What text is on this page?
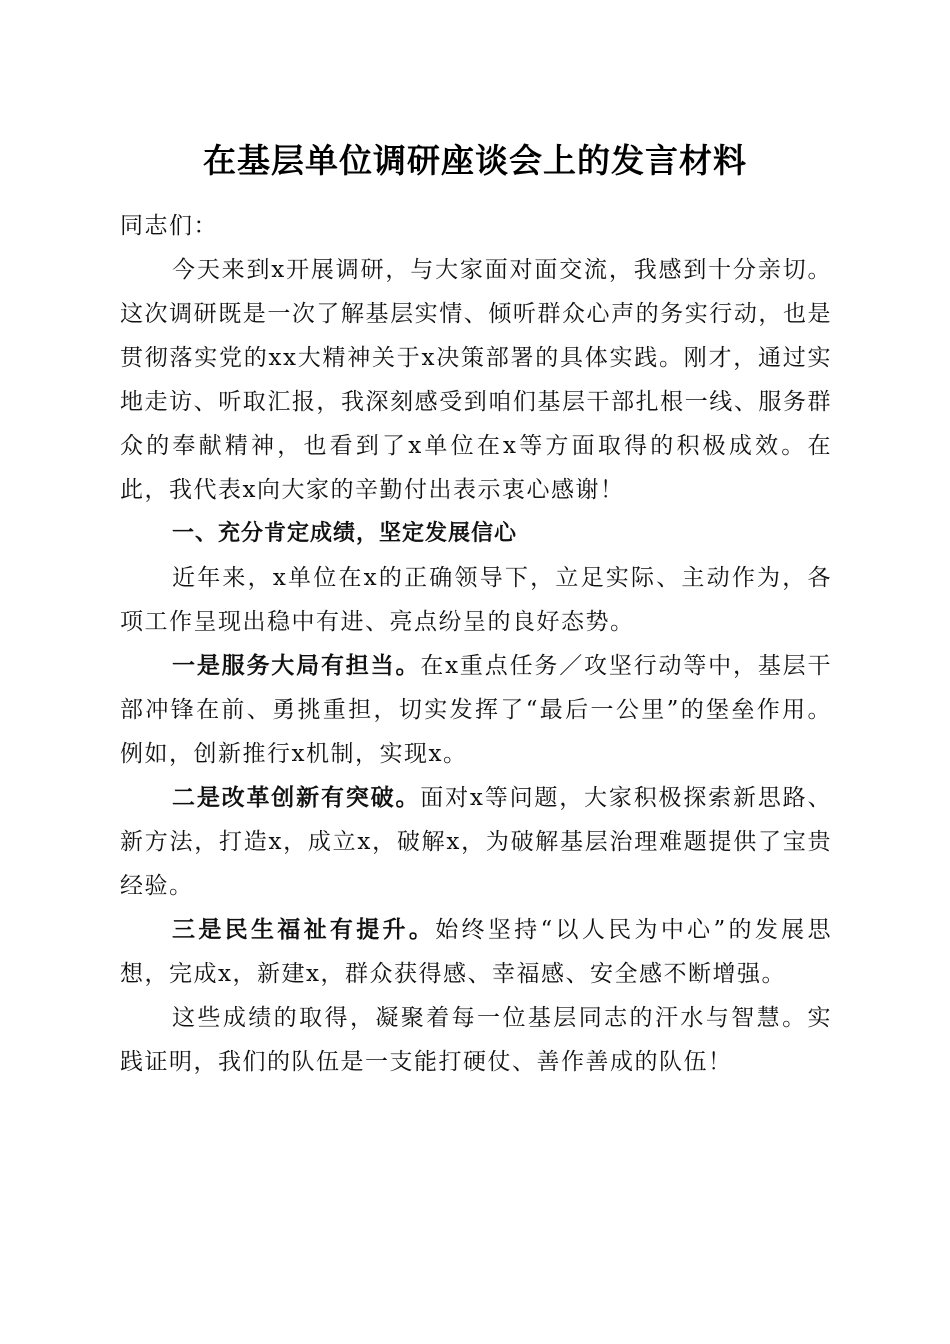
在基层单位调研座谈会上的发言材料

同志们：

今天来到x开展调研，与大家面对面交流，我感到十分亲切。这次调研既是一次了解基层实情、倾听群众心声的务实行动，也是贯彻落实党的xx大精神关于x决策部署的具体实践。刚才，通过实地走访、听取汇报，我深刻感受到咱们基层干部扎根一线、服务群众的奉献精神，也看到了x单位在x等方面取得的积极成效。在此，我代表x向大家的辛勤付出表示衷心感谢！

一、充分肯定成绩，坚定发展信心

近年来，x单位在x的正确领导下，立足实际、主动作为，各项工作呈现出稳中有进、亮点纷呈的良好态势。

一是服务大局有担当。在x重点任务／攻坚行动等中，基层干部冲锋在前、勇挑重担，切实发挥了“最后一公里”的堡垒作用。例如，创新推行x机制，实现x。

二是改革创新有突破。面对x等问题，大家积极探索新思路、新方法，打造x，成立x，破解x，为破解基层治理难题提供了宝贵经验。

三是民生福祉有提升。始终坚持“以人民为中心”的发展思想，完成x，新建x，群众获得感、幸福感、安全感不断增强。

这些成绩的取得，凝聚着每一位基层同志的汗水与智慧。实践证明，我们的队伍是一支能打硬仗、善作善成的队伍！
